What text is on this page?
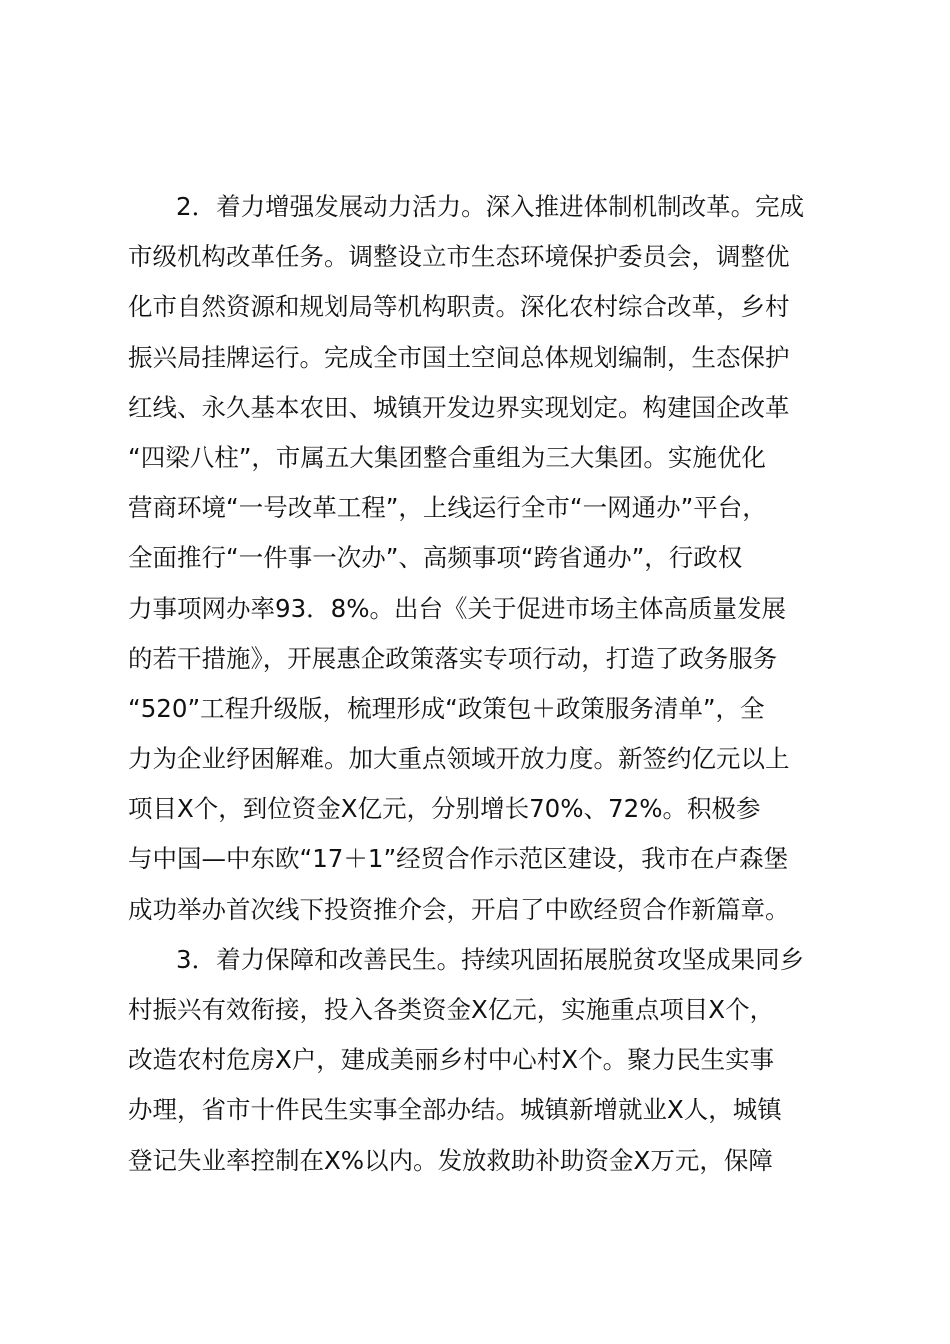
2．着力增强发展动力活力。深入推进体制机制改革。完成
市级机构改革任务。调整设立市生态环境保护委员会，调整优
化市自然资源和规划局等机构职责。深化农村综合改革，乡村
振兴局挂牌运行。完成全市国土空间总体规划编制，生态保护
红线、永久基本农田、城镇开发边界实现划定。构建国企改革
“四梁八柱”，市属五大集团整合重组为三大集团。实施优化
营商环境“一号改革工程”，上线运行全市“一网通办”平台，
全面推行“一件事一次办”、高频事项“跨省通办”，行政权
力事项网办率93．8%。出台《关于促进市场主体高质量发展
的若干措施》，开展惠企政策落实专项行动，打造了政务服务
“520”工程升级版，梳理形成“政策包＋政策服务清单”，全
力为企业纾困解难。加大重点领域开放力度。新签约亿元以上
项目X个，到位资金X亿元，分别增长70%、72%。积极参
与中国—中东欧“17＋1”经贸合作示范区建设，我市在卢森堡
成功举办首次线下投资推介会，开启了中欧经贸合作新篇章。
3．着力保障和改善民生。持续巩固拓展脱贫攻坚成果同乡
村振兴有效衔接，投入各类资金X亿元，实施重点项目X个，
改造农村危房X户，建成美丽乡村中心村X个。聚力民生实事
办理，省市十件民生实事全部办结。城镇新增就业X人，城镇
登记失业率控制在X%以内。发放救助补助资金X万元，保障
